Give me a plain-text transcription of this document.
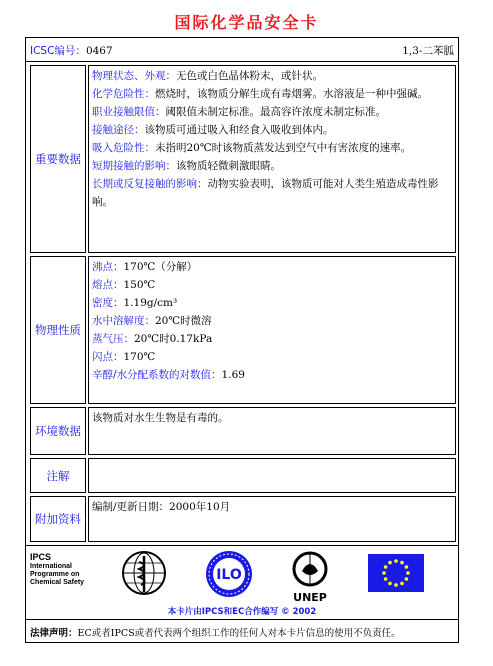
国际化学品安全卡
ICSC编号：0467	1,3-二苯胍
重要数据
物理状态、外观：无色或白色晶体粉末，或针状。
化学危险性：燃烧时，该物质分解生成有毒烟雾。水溶液是一种中强碱。
职业接触限值：阈限值未制定标准。最高容许浓度未制定标准。
接触途径：该物质可通过吸入和经食入吸收到体内。
吸入危险性：未指明20℃时该物质蒸发达到空气中有害浓度的速率。
短期接触的影响：该物质轻微刺激眼睛。
长期或反复接触的影响：动物实验表明，该物质可能对人类生殖造成毒性影响。
物理性质
沸点：170℃（分解）
熔点：150℃
密度：1.19g/cm³
水中溶解度：20℃时微溶
蒸气压：20℃时0.17kPa
闪点：170℃
辛醇/水分配系数的对数值：1.69
环境数据
该物质对水生生物是有毒的。
注解
附加资料
编制/更新日期：2000年10月
IPCS
International
Programme on
Chemical Safety	ILO
UNEP
本卡片由IPCS和EC合作编写 © 2002
法律声明：EC或者IPCS或者代表两个组织工作的任何人对本卡片信息的使用不负责任。
